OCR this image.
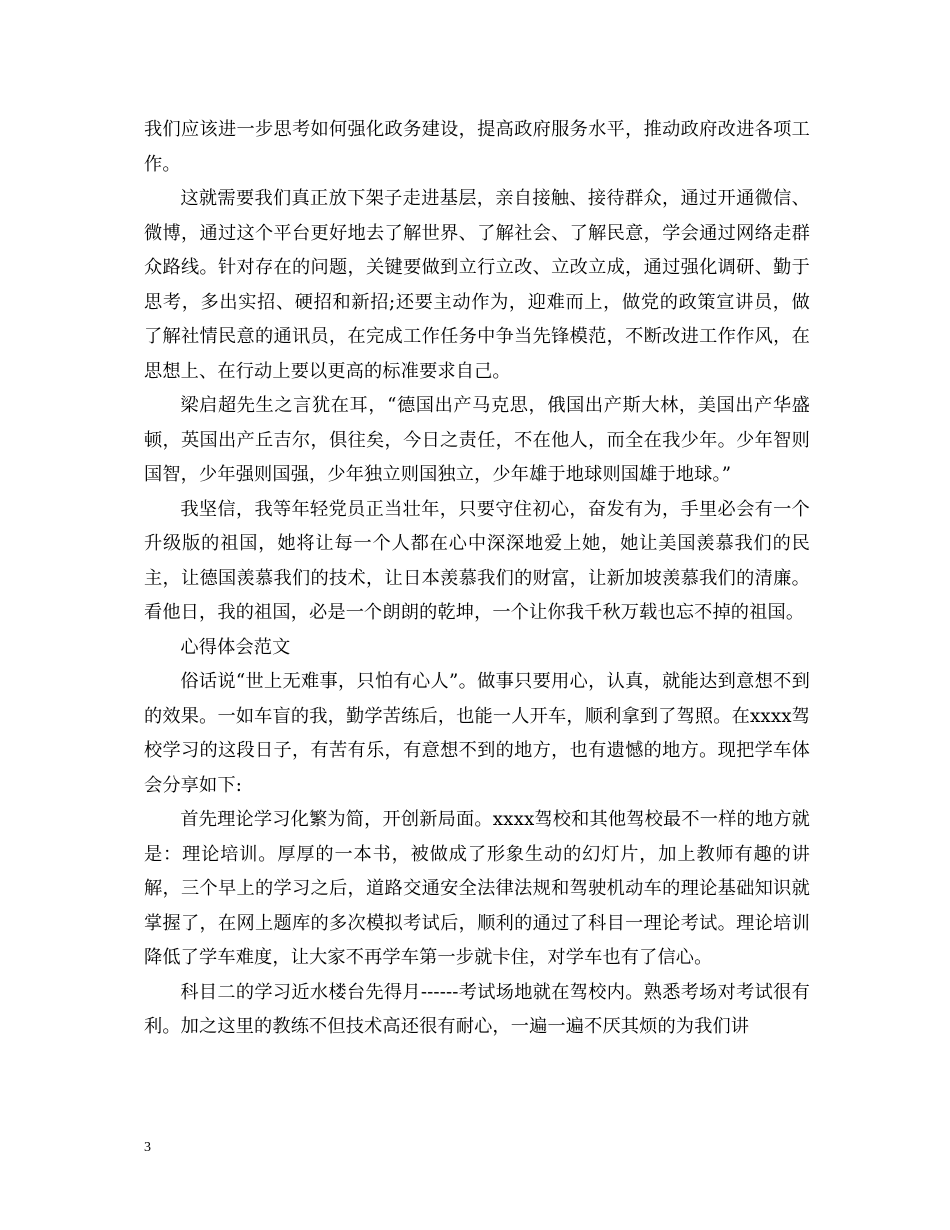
我们应该进一步思考如何强化政务建设，提高政府服务水平，推动政府改进各项工作。

这就需要我们真正放下架子走进基层，亲自接触、接待群众，通过开通微信、微博，通过这个平台更好地去了解世界、了解社会、了解民意，学会通过网络走群众路线。针对存在的问题，关键要做到立行立改、立改立成，通过强化调研、勤于思考，多出实招、硬招和新招;还要主动作为，迎难而上，做党的政策宣讲员，做了解社情民意的通讯员，在完成工作任务中争当先锋模范，不断改进工作作风，在思想上、在行动上要以更高的标准要求自己。

梁启超先生之言犹在耳，“德国出产马克思，俄国出产斯大林，美国出产华盛顿，英国出产丘吉尔，俱往矣，今日之责任，不在他人，而全在我少年。少年智则国智，少年强则国强，少年独立则国独立，少年雄于地球则国雄于地球。”

我坚信，我等年轻党员正当壮年，只要守住初心，奋发有为，手里必会有一个升级版的祖国，她将让每一个人都在心中深深地爱上她，她让美国羡慕我们的民主，让德国羡慕我们的技术，让日本羡慕我们的财富，让新加坡羡慕我们的清廉。 看他日，我的祖国，必是一个朗朗的乾坤，一个让你我千秋万载也忘不掉的祖国。

心得体会范文

俗话说“世上无难事，只怕有心人”。做事只要用心，认真，就能达到意想不到的效果。一如车盲的我，勤学苦练后，也能一人开车，顺利拿到了驾照。在xxxx驾校学习的这段日子，有苦有乐，有意想不到的地方，也有遗憾的地方。现把学车体会分享如下:

首先理论学习化繁为简，开创新局面。xxxx驾校和其他驾校最不一样的地方就是：理论培训。厚厚的一本书，被做成了形象生动的幻灯片，加上教师有趣的讲解，三个早上的学习之后，道路交通安全法律法规和驾驶机动车的理论基础知识就掌握了，在网上题库的多次模拟考试后，顺利的通过了科目一理论考试。理论培训降低了学车难度，让大家不再学车第一步就卡住，对学车也有了信心。

科目二的学习近水楼台先得月------考试场地就在驾校内。熟悉考场对考试很有利。加之这里的教练不但技术高还很有耐心，一遍一遍不厌其烦的为我们讲

3
